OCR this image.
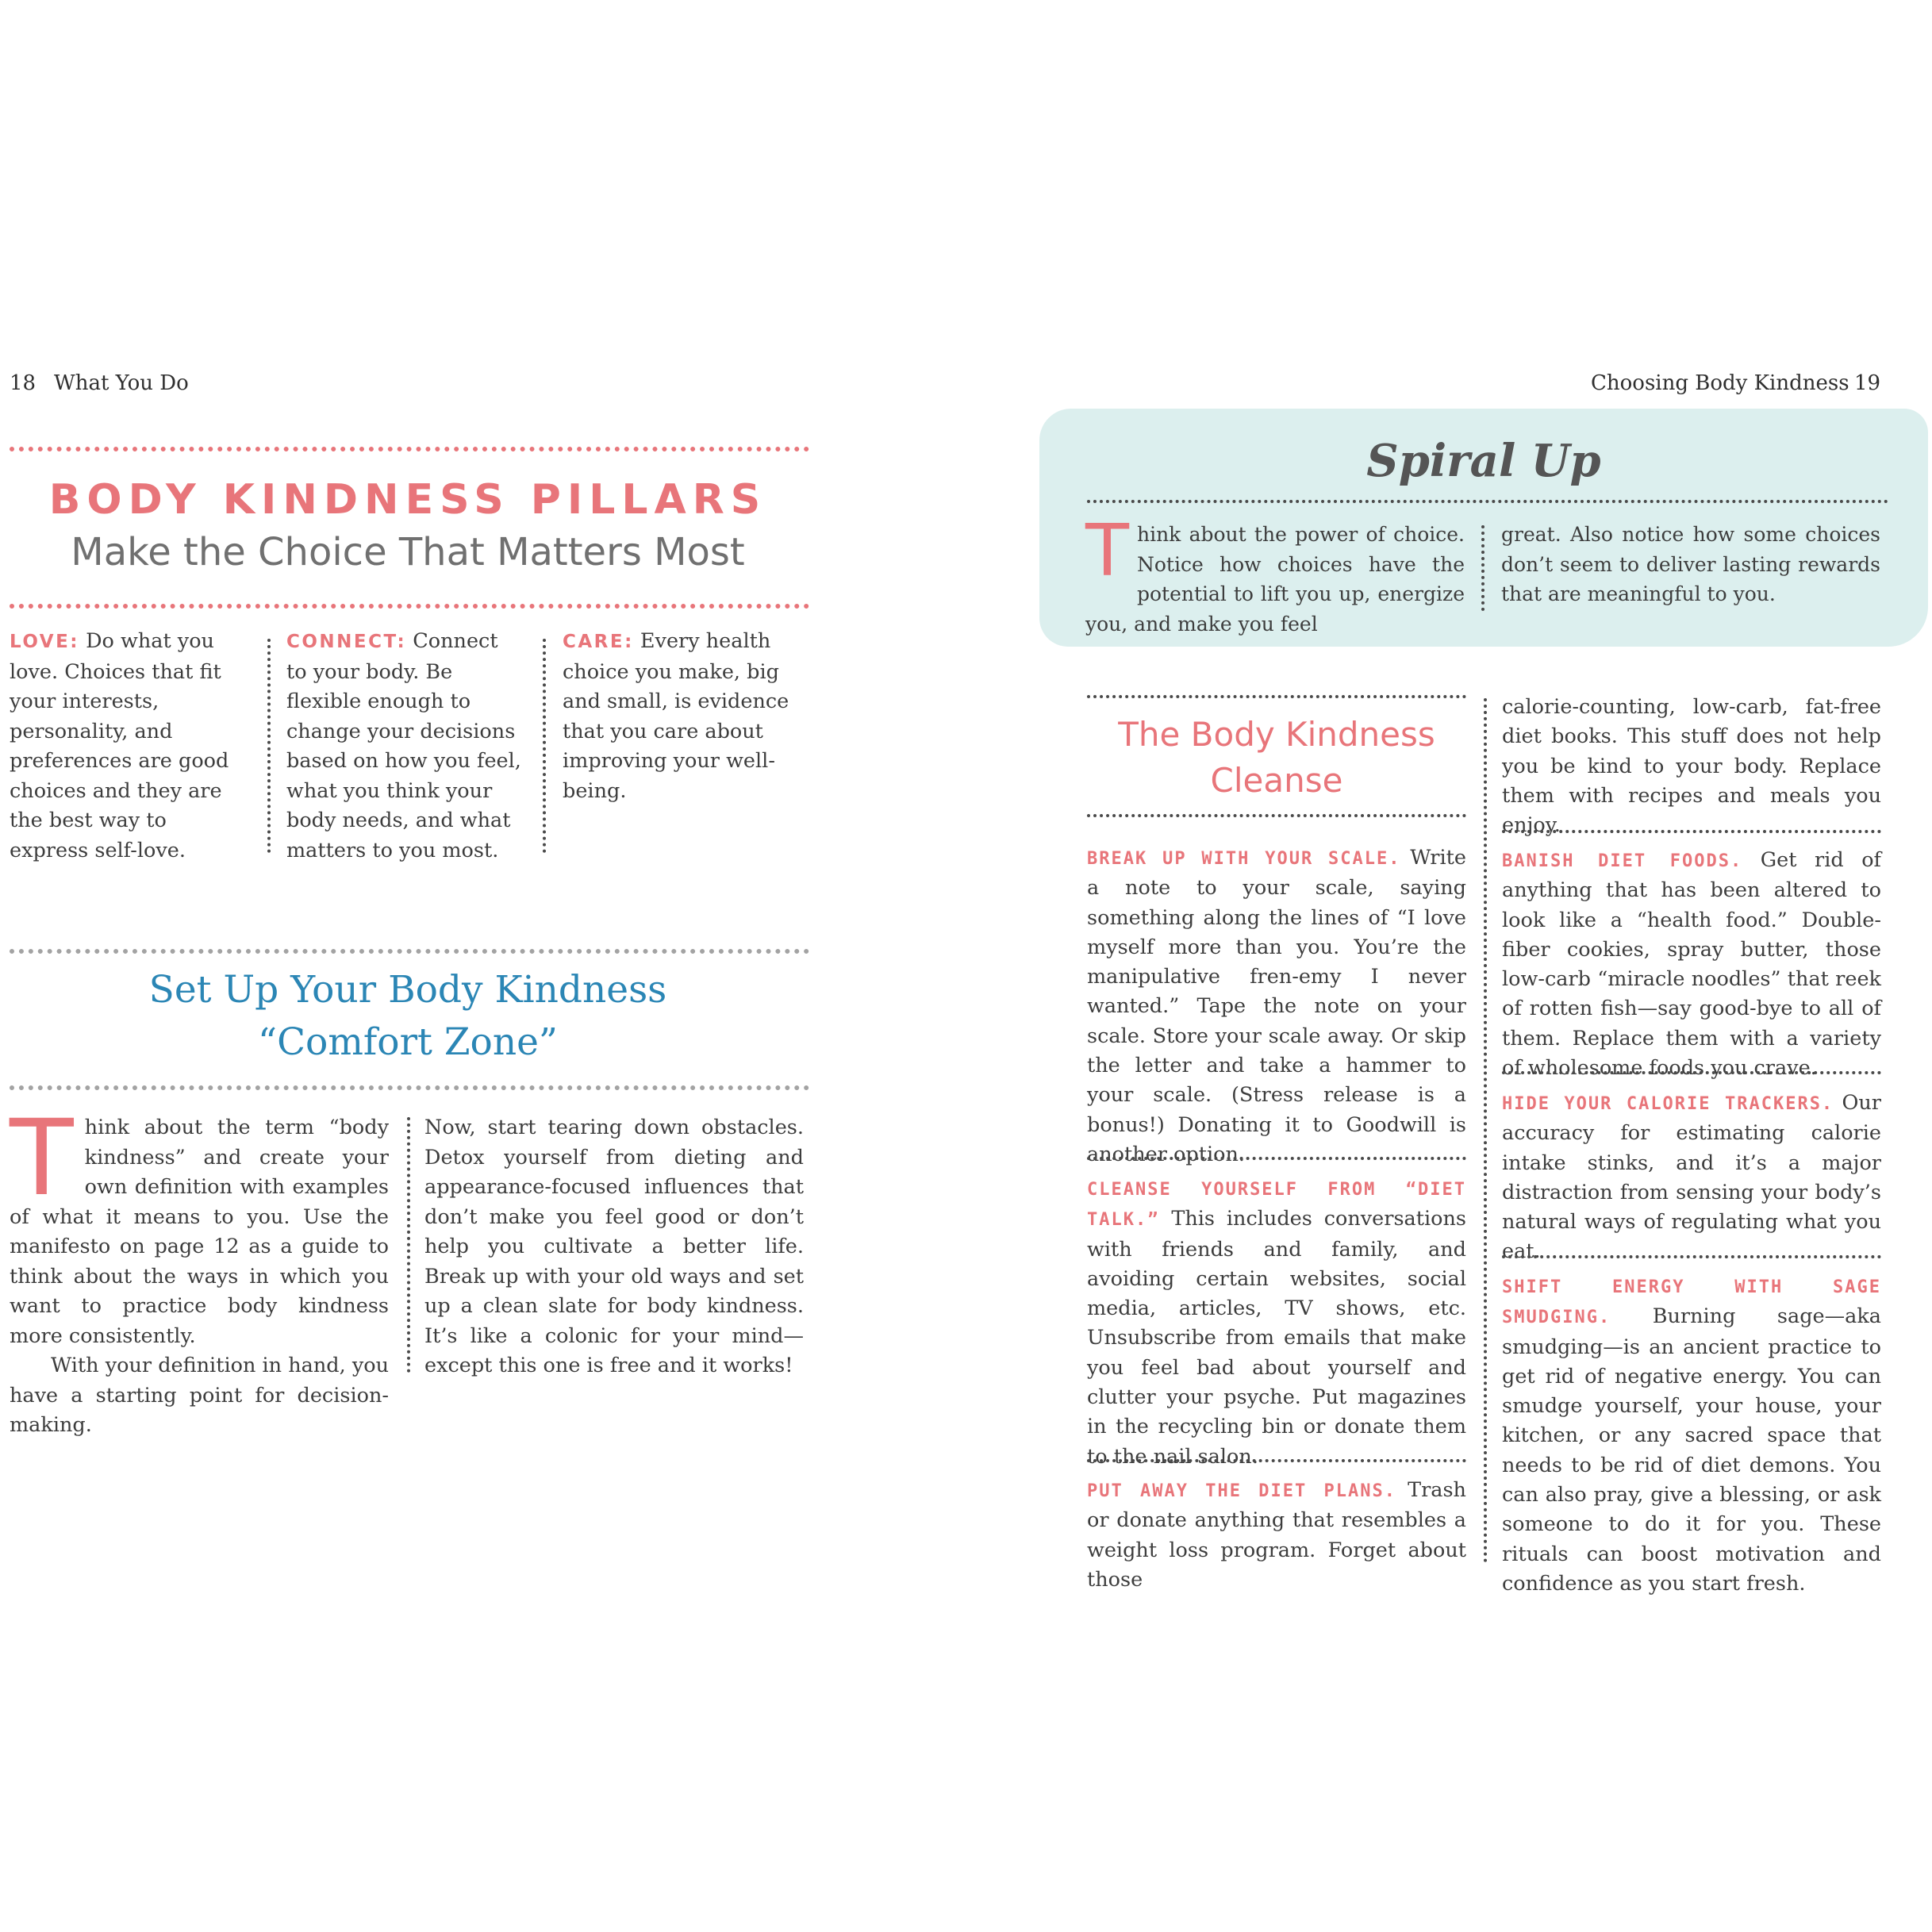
18 What You Do
BODY KINDNESS PILLARS
Make the Choice That Matters Most
LOVE: Do what you love. Choices that fit your interests, personality, and preferences are good choices and they are the best way to express self-love.
CONNECT: Connect to your body. Be flexible enough to change your decisions based on how you feel, what you think your body needs, and what matters to you most.
CARE: Every health choice you make, big and small, is evidence that you care about improving your well-being.
Set Up Your Body Kindness
“Comfort Zone”
Think about the term “body kindness” and create your own definition with examples of what it means to you. Use the manifesto on page 12 as a guide to think about the ways in which you want to practice body kindness more consistently.
With your definition in hand, you have a starting point for decision-making.
Now, start tearing down obstacles. Detox yourself from dieting and appearance-focused influences that don’t make you feel good or don’t help you cultivate a better life. Break up with your old ways and set up a clean slate for body kindness. It’s like a colonic for your mind—except this one is free and it works!
Choosing Body Kindness 19
Spiral Up
Think about the power of choice. Notice how choices have the potential to lift you up, energize you, and make you feel
great. Also notice how some choices don’t seem to deliver lasting rewards that are meaningful to you.
The Body Kindness
Cleanse

BREAK UP WITH YOUR SCALE. Write a note to your scale, saying something along the lines of “I love myself more than you. You’re the manipulative fren-emy I never wanted.” Tape the note on your scale. Store your scale away. Or skip the letter and take a hammer to your scale. (Stress release is a bonus!) Donating it to Goodwill is another option.

CLEANSE YOURSELF FROM “DIET TALK.” This includes conversations with friends and family, and avoiding certain websites, social media, articles, TV shows, etc. Unsubscribe from emails that make you feel bad about yourself and clutter your psyche. Put magazines in the recycling bin or donate them to the nail salon.

PUT AWAY THE DIET PLANS. Trash or donate anything that resembles a weight loss program. Forget about those

calorie-counting, low-carb, fat-free diet books. This stuff does not help you be kind to your body. Replace them with recipes and meals you enjoy.

BANISH DIET FOODS. Get rid of anything that has been altered to look like a “health food.” Double-fiber cookies, spray butter, those low-carb “miracle noodles” that reek of rotten fish—say good-bye to all of them. Replace them with a variety of wholesome foods you crave.

HIDE YOUR CALORIE TRACKERS. Our accuracy for estimating calorie intake stinks, and it’s a major distraction from sensing your body’s natural ways of regulating what you eat.

SHIFT ENERGY WITH SAGE SMUDGING. Burning sage—aka smudging—is an ancient practice to get rid of negative energy. You can smudge yourself, your house, your kitchen, or any sacred space that needs to be rid of diet demons. You can also pray, give a blessing, or ask someone to do it for you. These rituals can boost motivation and confidence as you start fresh.
